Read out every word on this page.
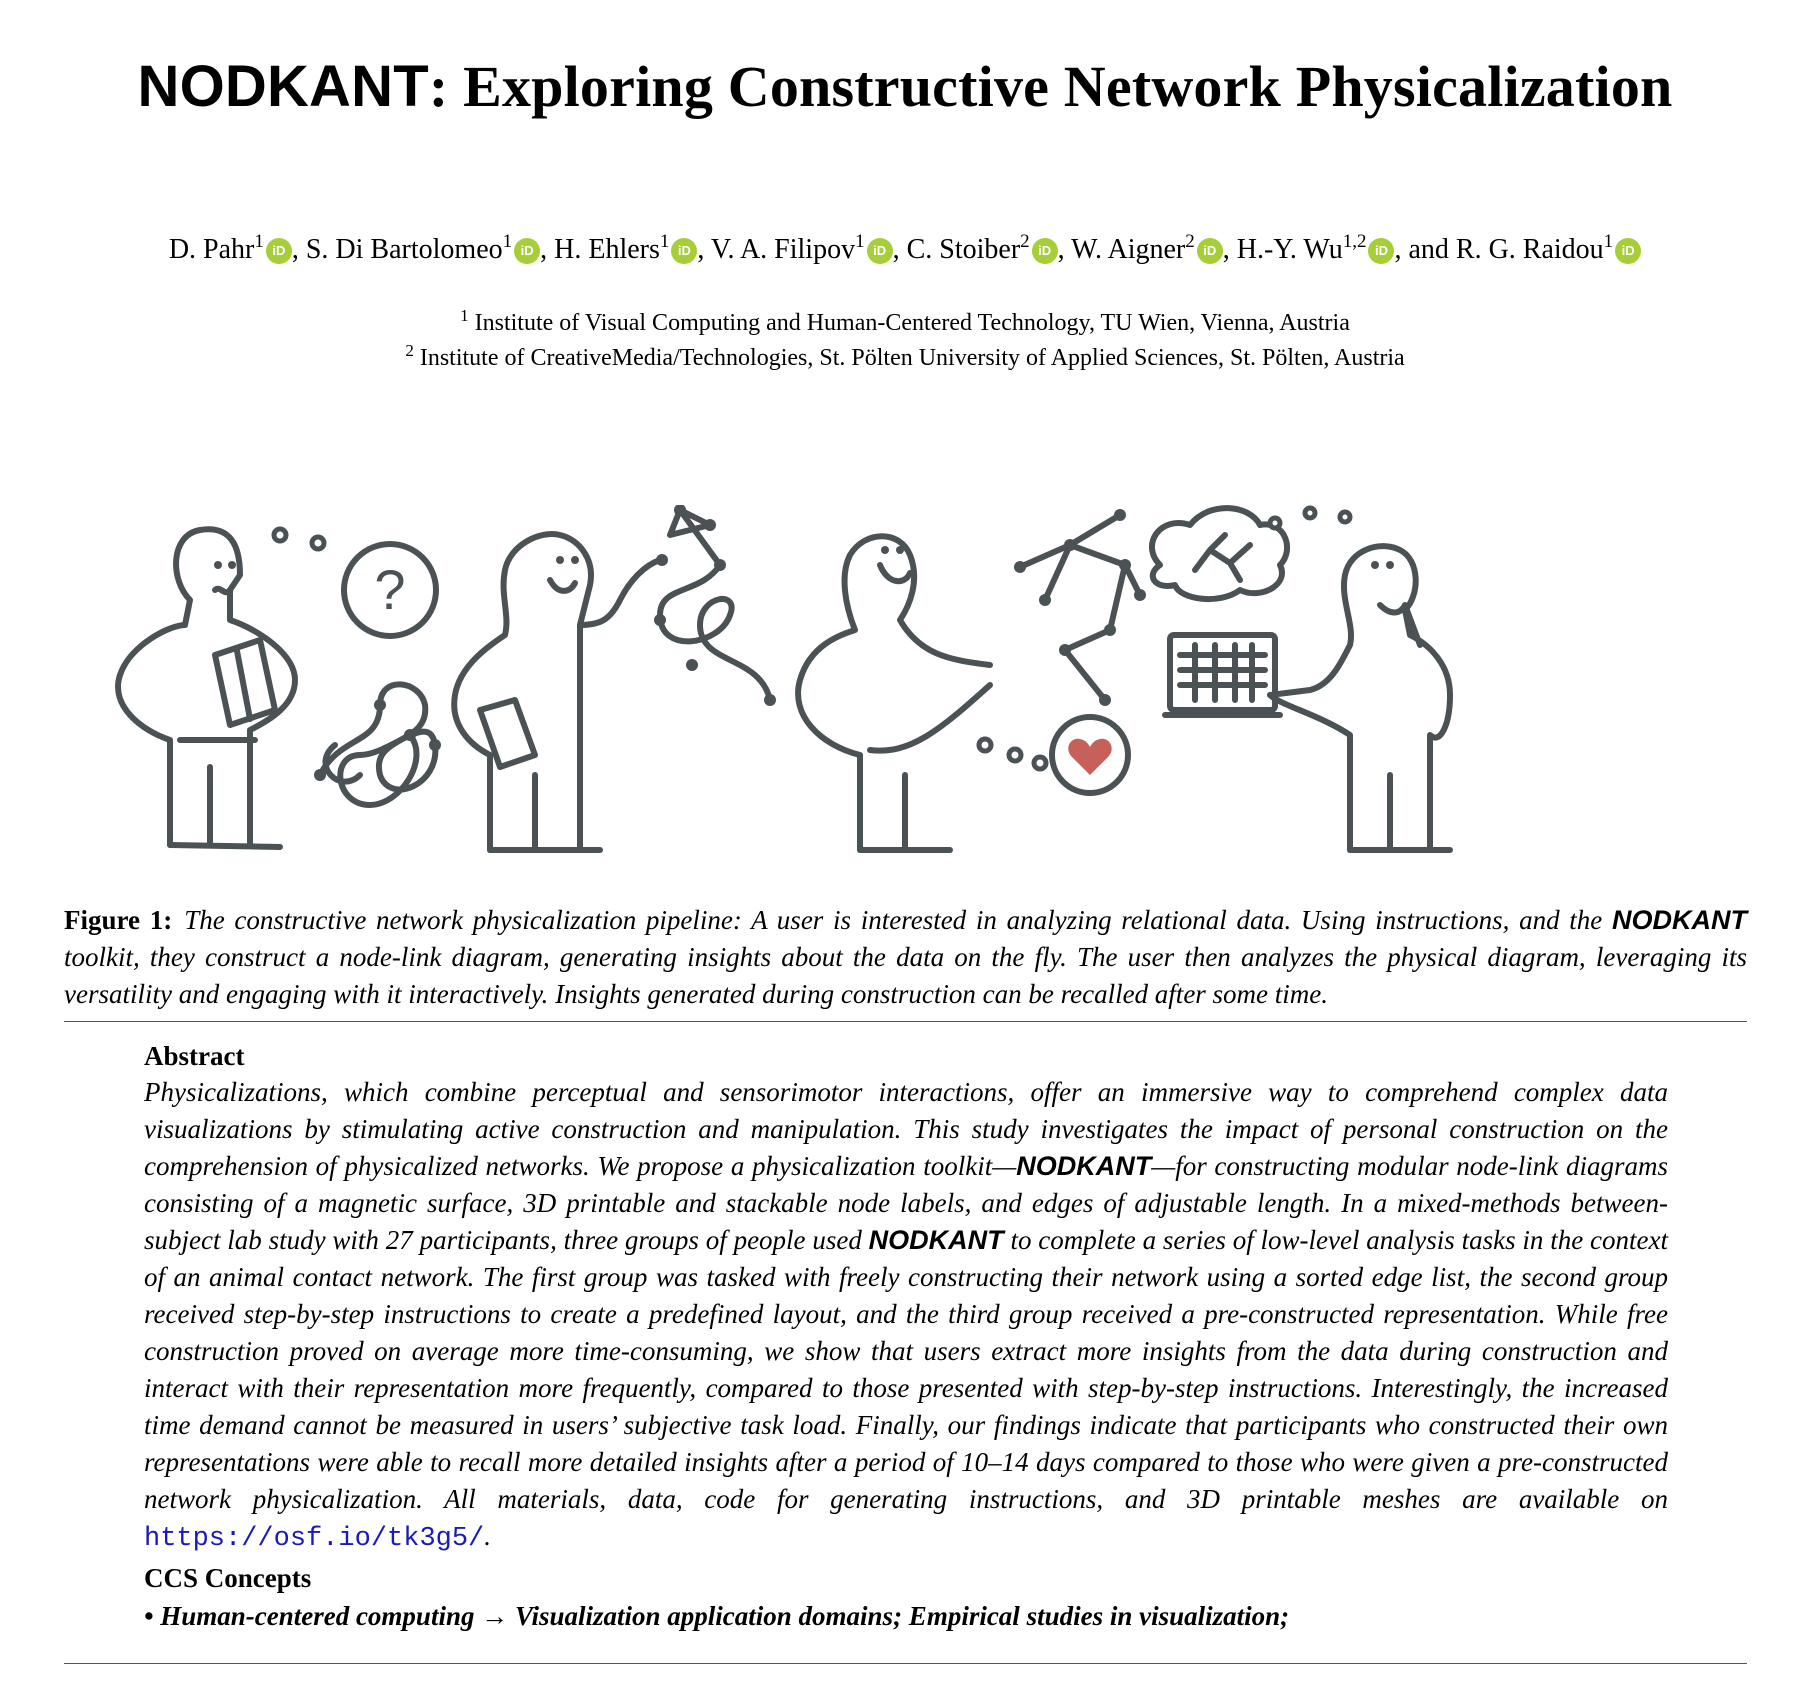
NODKANT: Exploring Constructive Network Physicalization
D. Pahr$^1$ iD , S. Di Bartolomeo$^1$ iD , H. Ehlers$^1$ iD , V. A. Filipov$^1$ iD , C. Stoiber$^2$ iD , W. Aigner$^2$ iD , H.-Y. Wu$^{1,2}$ iD , and R. G. Raidou$^1$ iD
$^1$ Institute of Visual Computing and Human-Centered Technology, TU Wien, Vienna, Austria
$^2$ Institute of CreativeMedia/Technologies, St. Pölten University of Applied Sciences, St. Pölten, Austria
?
Figure 1: The constructive network physicalization pipeline: A user is interested in analyzing relational data. Using instructions, and the NODKANT toolkit, they construct a node-link diagram, generating insights about the data on the fly. The user then analyzes the physical diagram, leveraging its versatility and engaging with it interactively. Insights generated during construction can be recalled after some time.
Abstract
Physicalizations, which combine perceptual and sensorimotor interactions, offer an immersive way to comprehend complex data visualizations by stimulating active construction and manipulation. This study investigates the impact of personal construction on the comprehension of physicalized networks. We propose a physicalization toolkit—NODKANT—for constructing modular node-link diagrams consisting of a magnetic surface, 3D printable and stackable node labels, and edges of adjustable length. In a mixed-methods between-subject lab study with 27 participants, three groups of people used NODKANT to complete a series of low-level analysis tasks in the context of an animal contact network. The first group was tasked with freely constructing their network using a sorted edge list, the second group received step-by-step instructions to create a predefined layout, and the third group received a pre-constructed representation. While free construction proved on average more time-consuming, we show that users extract more insights from the data during construction and interact with their representation more frequently, compared to those presented with step-by-step instructions. Interestingly, the increased time demand cannot be measured in users’ subjective task load. Finally, our findings indicate that participants who constructed their own representations were able to recall more detailed insights after a period of 10–14 days compared to those who were given a pre-constructed network physicalization. All materials, data, code for generating instructions, and 3D printable meshes are available on https://osf.io/tk3g5/.
CCS Concepts
• Human-centered computing → Visualization application domains; Empirical studies in visualization;
